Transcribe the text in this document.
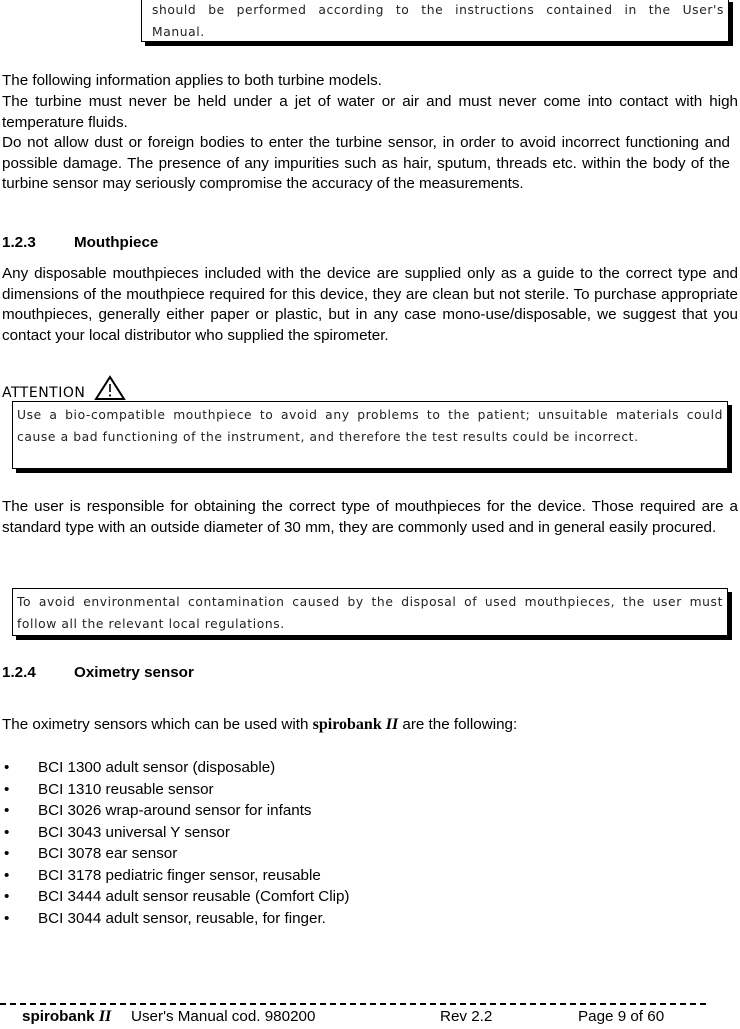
should be performed according to the instructions contained in the User's
Manual.
The following information applies to both turbine models.
The turbine must never be held under a jet of water or air and must never come into contact with high temperature fluids.
Do not allow dust or foreign bodies to enter the turbine sensor, in order to avoid incorrect functioning and possible damage. The presence of any impurities such as hair, sputum, threads etc. within the body of the turbine sensor may seriously compromise the accuracy of the measurements.
1.2.3	Mouthpiece
Any disposable mouthpieces included with the device are supplied only as a guide to the correct type and dimensions of the mouthpiece required for this device, they are clean but not sterile. To purchase appropriate mouthpieces, generally either paper or plastic, but in any case mono-use/disposable, we suggest that you contact your local distributor who supplied the spirometer.
ATTENTION
Use a bio-compatible mouthpiece to avoid any problems to the patient; unsuitable materials could cause a bad functioning of the instrument, and therefore the test results could be incorrect.
The user is responsible for obtaining the correct type of mouthpieces for the device. Those required are a standard type with an outside diameter of 30 mm, they are commonly used and in general easily procured.
To avoid environmental contamination caused by the disposal of used mouthpieces, the user must follow all the relevant local regulations.
1.2.4	Oximetry sensor
The oximetry sensors which can be used with spirobank II are the following:
• BCI 1300 adult sensor (disposable)
• BCI 1310 reusable sensor
• BCI 3026 wrap-around sensor for infants
• BCI 3043 universal Y sensor
• BCI 3078 ear sensor
• BCI 3178 pediatric finger sensor, reusable
• BCI 3444 adult sensor reusable (Comfort Clip)
• BCI 3044 adult sensor, reusable, for finger.
spirobank II User's Manual cod. 980200	Rev 2.2	Page 9 of 60
